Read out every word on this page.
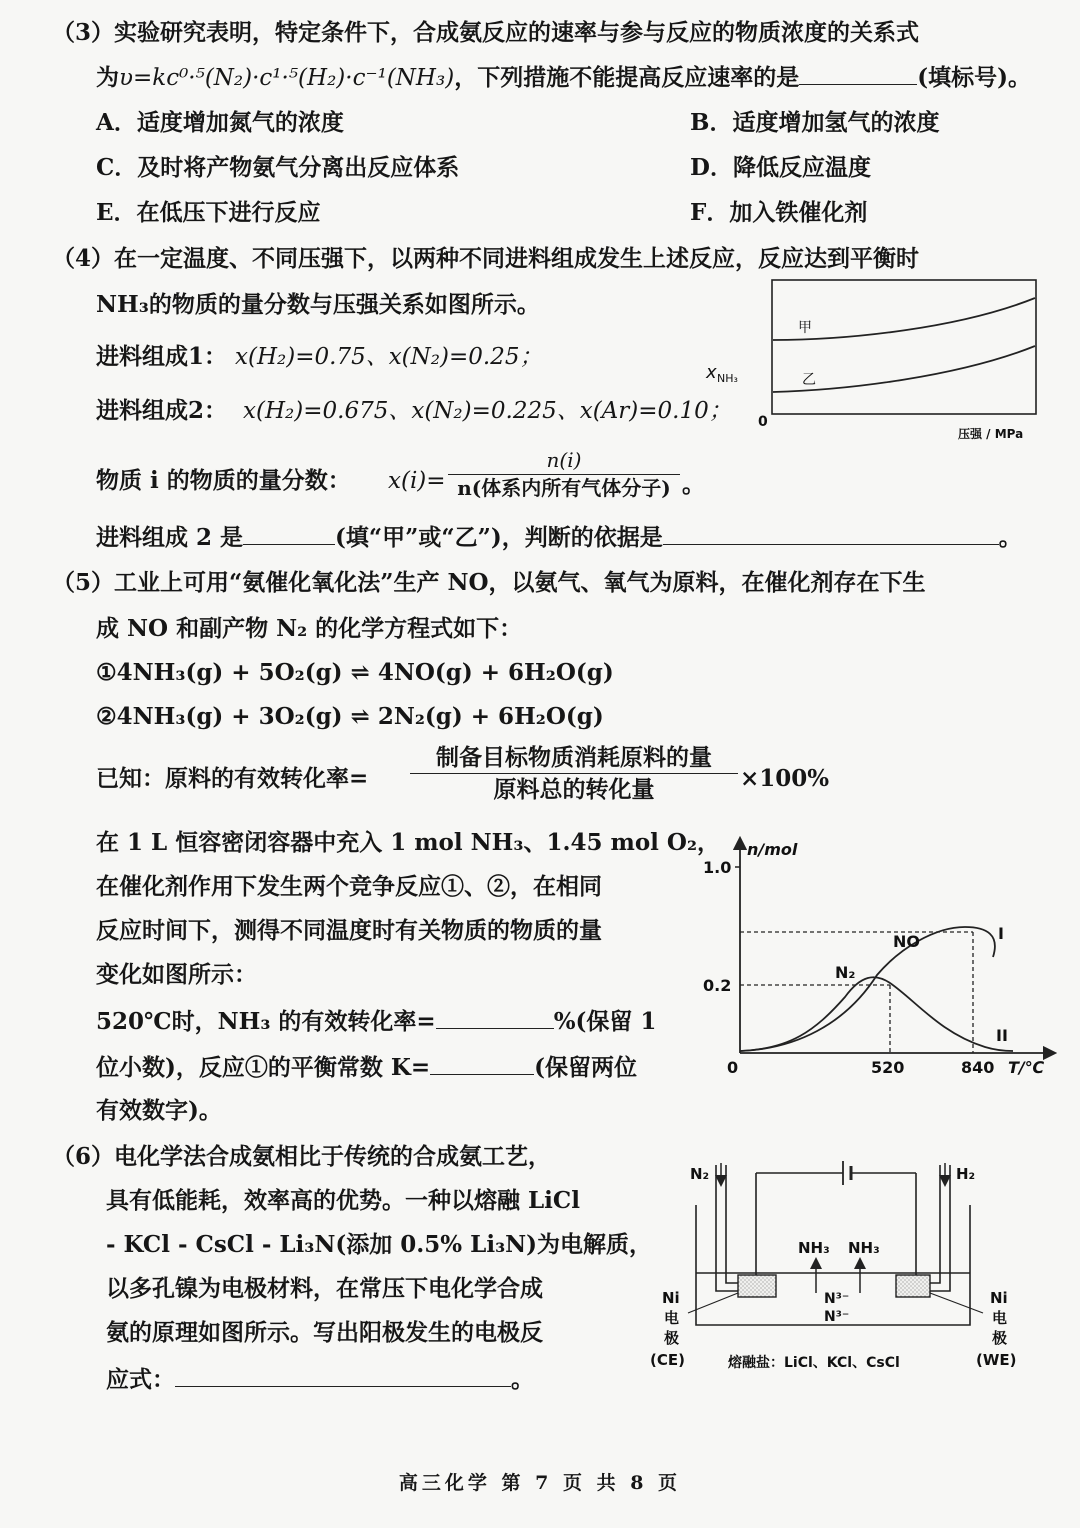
（3）实验研究表明，特定条件下，合成氨反应的速率与参与反应的物质浓度的关系式
为υ=kc⁰·⁵(N₂)·c¹·⁵(H₂)·c⁻¹(NH₃)，下列措施不能提高反应速率的是	(填标号)。
A．适度增加氮气的浓度	B．适度增加氢气的浓度
C．及时将产物氨气分离出反应体系	D．降低反应温度
E．在低压下进行反应	F．加入铁催化剂
（4）在一定温度、不同压强下，以两种不同进料组成发生上述反应，反应达到平衡时
NH₃的物质的量分数与压强关系如图所示。
进料组成1： x(H₂)=0.75、x(N₂)=0.25；
进料组成2： x(H₂)=0.675、x(N₂)=0.225、x(Ar)=0.10；
物质 i 的物质的量分数： x(i)=
n(i)
n(体系内所有气体分子) 。
进料组成 2 是	(填“甲”或“乙”)，判断的依据是	。
甲
乙
x NH₃
0
压强 / MPa
（5）工业上可用“氨催化氧化法”生产 NO，以氨气、氧气为原料，在催化剂存在下生
成 NO 和副产物 N₂ 的化学方程式如下：
①4NH₃(g) + 5O₂(g) ⇌ 4NO(g) + 6H₂O(g)
②4NH₃(g) + 3O₂(g) ⇌ 2N₂(g) + 6H₂O(g)
已知：原料的有效转化率=
制备目标物质消耗原料的量
原料总的转化量	×100%
在 1 L 恒容密闭容器中充入 1 mol NH₃、1.45 mol O₂，
在催化剂作用下发生两个竞争反应①、②，在相同
反应时间下，测得不同温度时有关物质的物质的量
变化如图所示：
520℃时，NH₃ 的有效转化率=	%(保留 1
位小数)，反应①的平衡常数 K=	(保留两位
有效数字)。
n/mol
1.0
0.2
0	520	840 T/℃
NO
N₂
I
II
（6）电化学法合成氨相比于传统的合成氨工艺，
具有低能耗，效率高的优势。一种以熔融 LiCl
- KCl - CsCl - Li₃N(添加 0.5% Li₃N)为电解质，
以多孔镍为电极材料，在常压下电化学合成
氨的原理如图所示。写出阳极发生的电极反
应式：	。
N₂	H₂
NH₃ NH₃
N³⁻
N³⁻
熔融盐：LiCl、KCl、CsCl
Ni
电
极
(CE)
Ni
电
极
(WE)
高三化学 第 7 页 共 8 页
